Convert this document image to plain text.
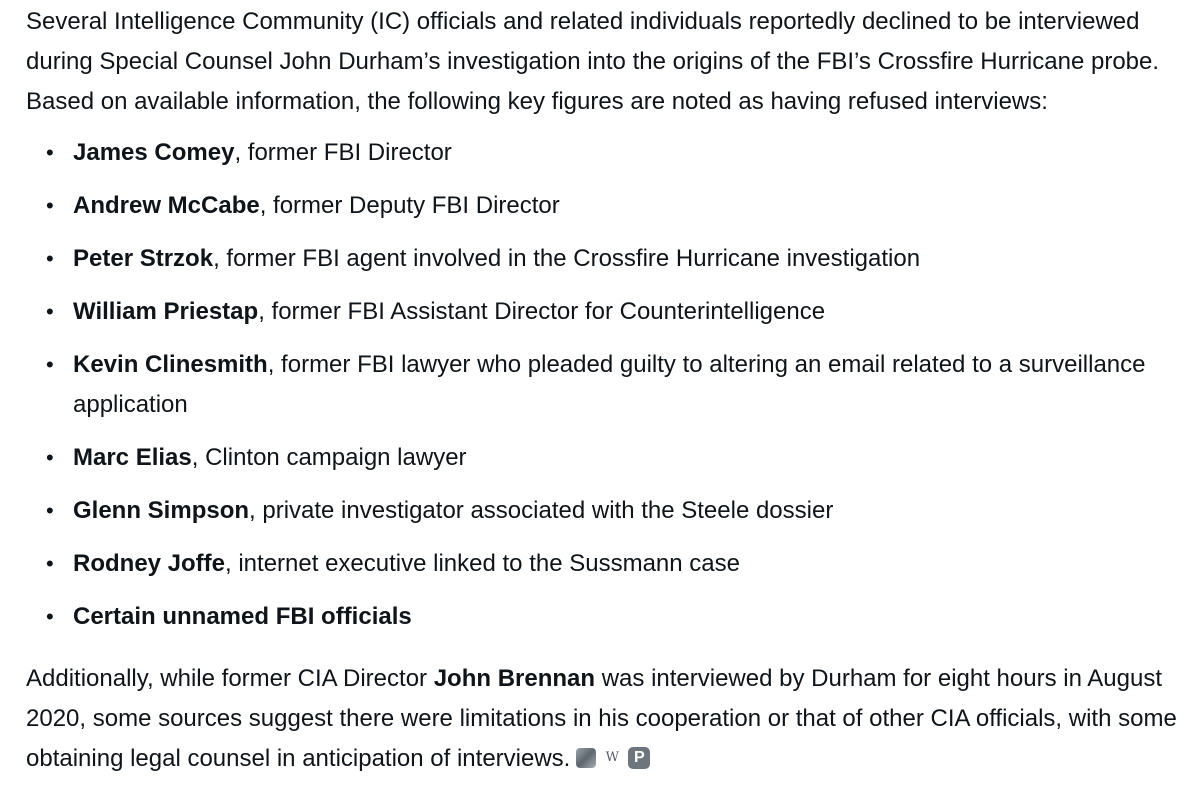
Several Intelligence Community (IC) officials and related individuals reportedly declined to be interviewed during Special Counsel John Durham’s investigation into the origins of the FBI’s Crossfire Hurricane probe. Based on available information, the following key figures are noted as having refused interviews:

• James Comey, former FBI Director
• Andrew McCabe, former Deputy FBI Director
• Peter Strzok, former FBI agent involved in the Crossfire Hurricane investigation
• William Priestap, former FBI Assistant Director for Counterintelligence
• Kevin Clinesmith, former FBI lawyer who pleaded guilty to altering an email related to a surveillance application
• Marc Elias, Clinton campaign lawyer
• Glenn Simpson, private investigator associated with the Steele dossier
• Rodney Joffe, internet executive linked to the Sussmann case
• Certain unnamed FBI officials

Additionally, while former CIA Director John Brennan was interviewed by Durham for eight hours in August 2020, some sources suggest there were limitations in his cooperation or that of other CIA officials, with some obtaining legal counsel in anticipation of interviews.	W P
